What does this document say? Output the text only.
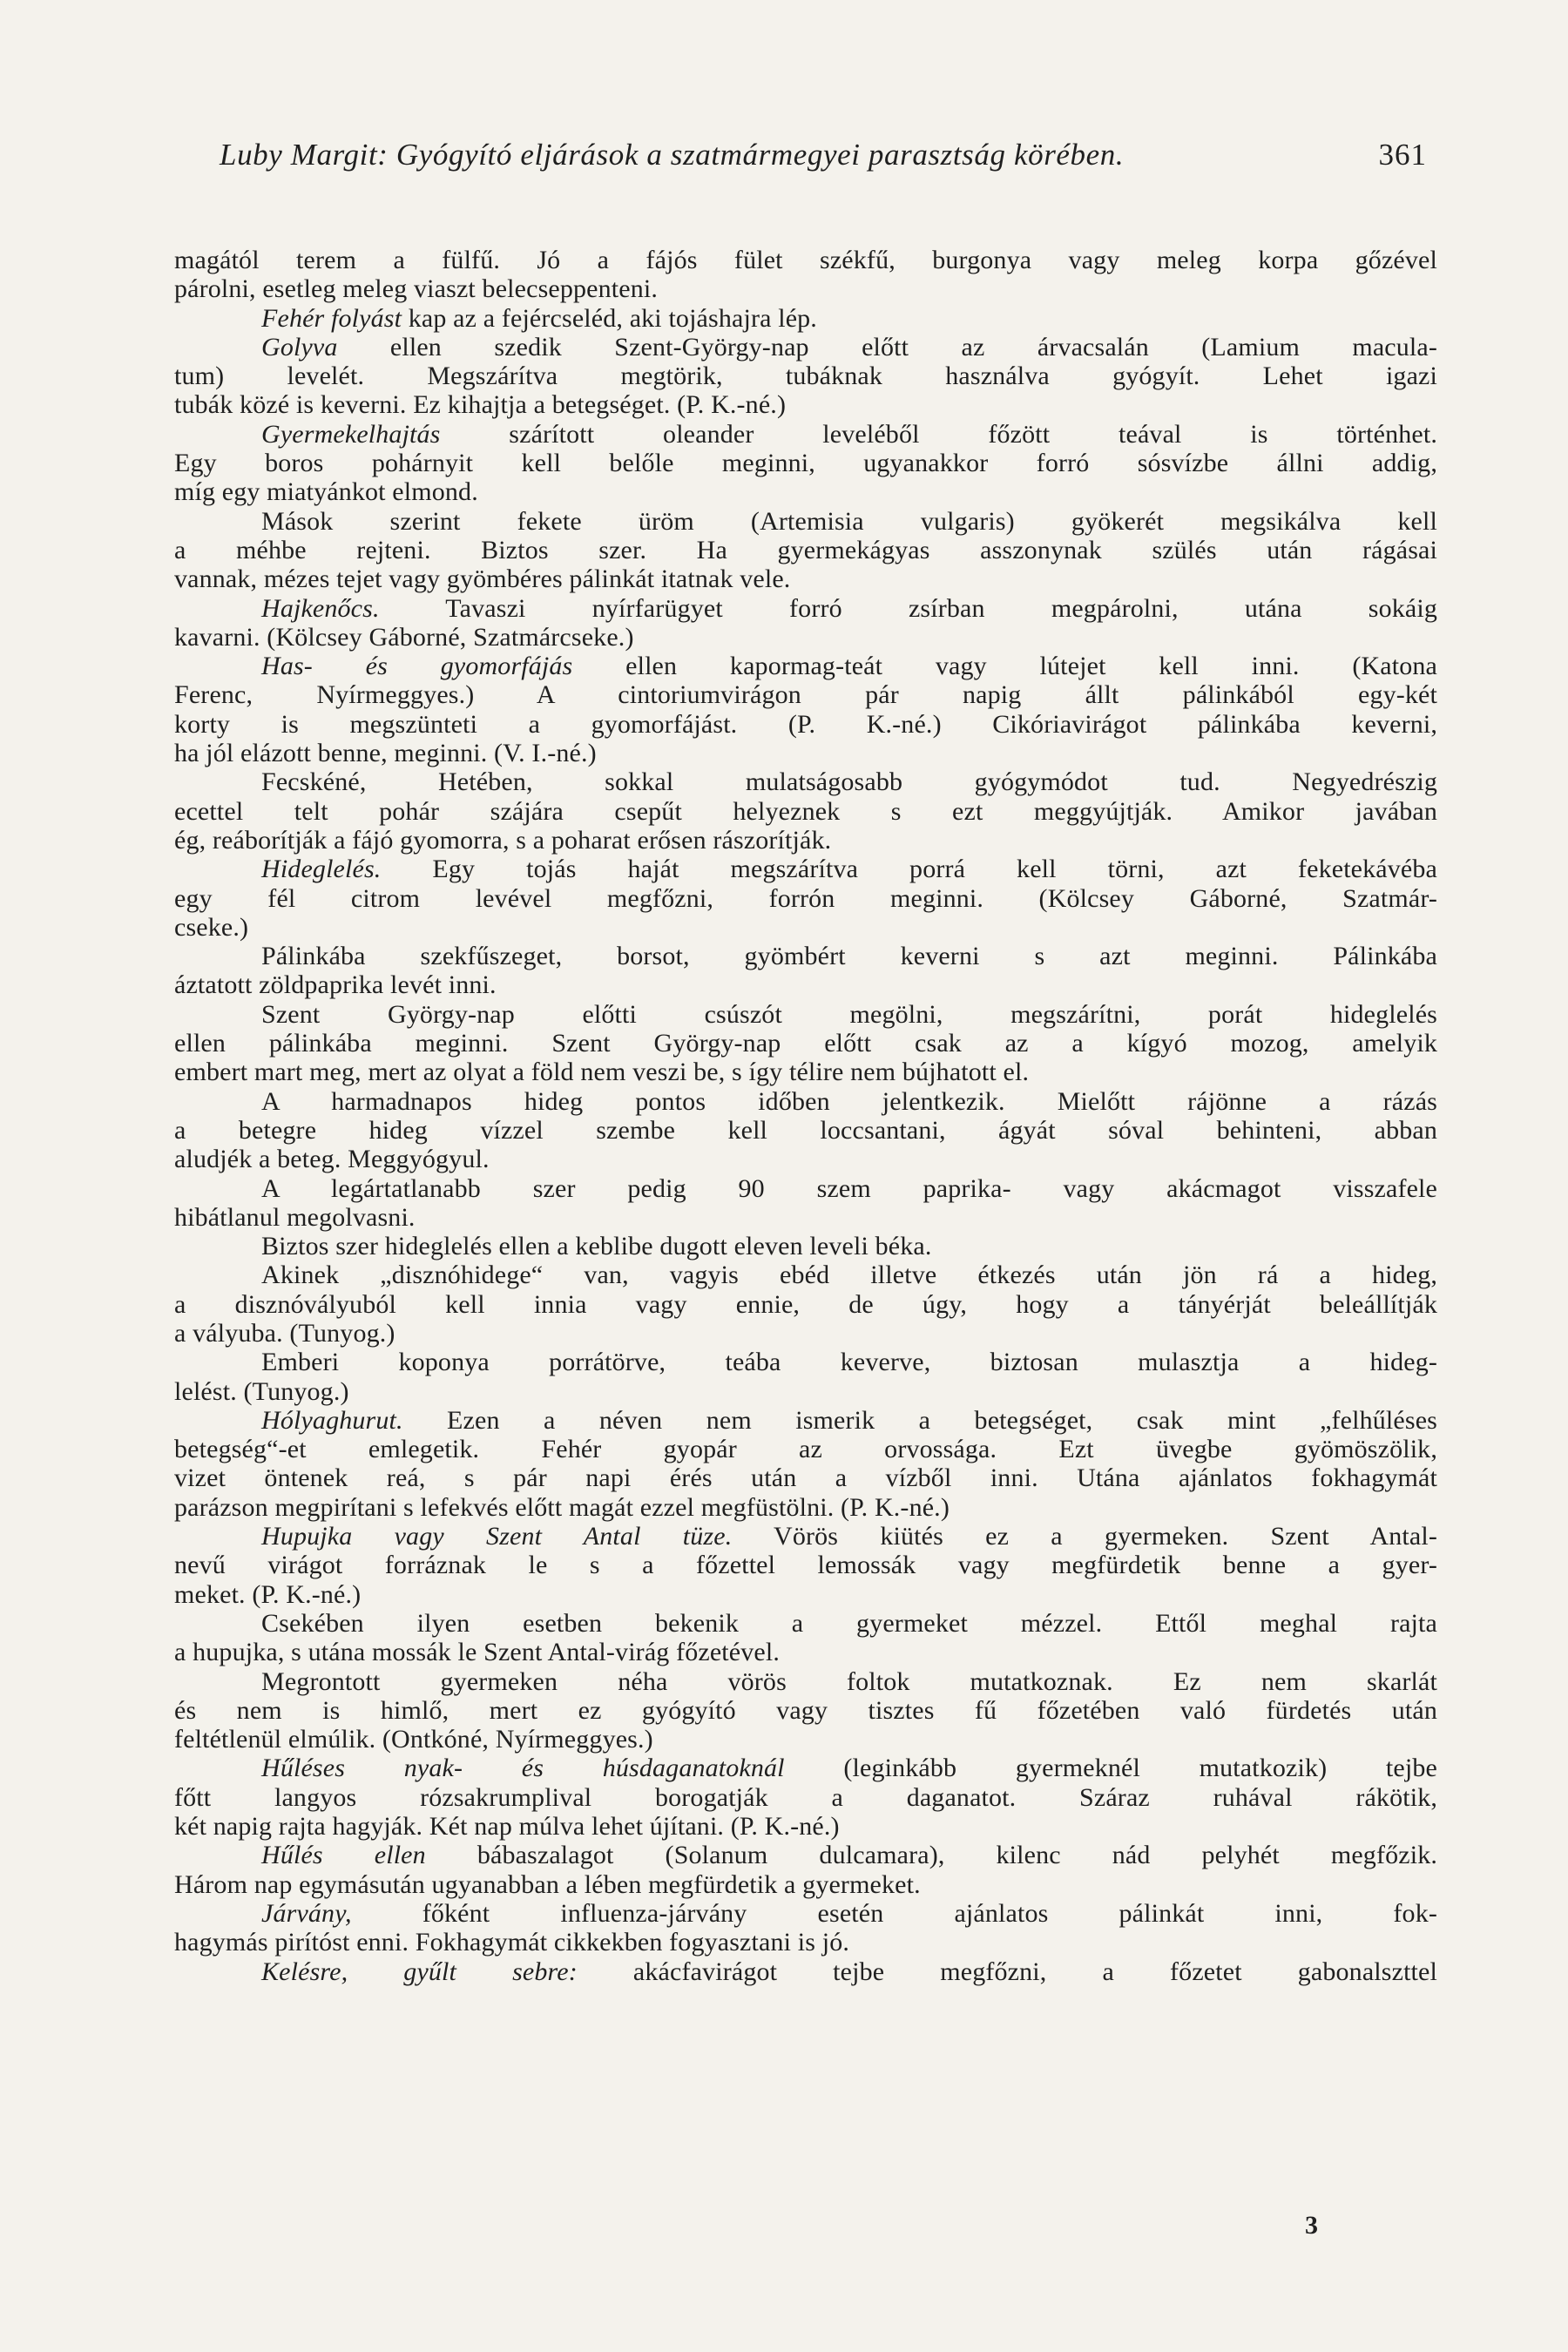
Luby Margit: Gyógyító eljárások a szatmármegyei parasztság körében.	361
magától terem a fülfű. Jó a fájós fület székfű, burgonya vagy meleg korpa gőzével
párolni, esetleg meleg viaszt belecseppenteni.
Fehér folyást kap az a fejércseléd, aki tojáshajra lép.
Golyva ellen szedik Szent-György-nap előtt az árvacsalán (Lamium macula-
tum) levelét. Megszárítva megtörik, tubáknak használva gyógyít. Lehet igazi
tubák közé is keverni. Ez kihajtja a betegséget. (P. K.-né.)
Gyermekelhajtás szárított oleander leveléből főzött teával is történhet.
Egy boros pohárnyit kell belőle meginni, ugyanakkor forró sósvízbe állni addig,
míg egy miatyánkot elmond.
Mások szerint fekete üröm (Artemisia vulgaris) gyökerét megsikálva kell
a méhbe rejteni. Biztos szer. Ha gyermekágyas asszonynak szülés után rágásai
vannak, mézes tejet vagy gyömbéres pálinkát itatnak vele.
Hajkenőcs. Tavaszi nyírfarügyet forró zsírban megpárolni, utána sokáig
kavarni. (Kölcsey Gáborné, Szatmárcseke.)
Has- és gyomorfájás ellen kapormag-teát vagy lútejet kell inni. (Katona
Ferenc, Nyírmeggyes.) A cintoriumvirágon pár napig állt pálinkából egy-két
korty is megszünteti a gyomorfájást. (P. K.-né.) Cikóriavirágot pálinkába keverni,
ha jól elázott benne, meginni. (V. I.-né.)
Fecskéné, Hetében, sokkal mulatságosabb gyógymódot tud. Negyedrészig
ecettel telt pohár szájára csepűt helyeznek s ezt meggyújtják. Amikor javában
ég, reáborítják a fájó gyomorra, s a poharat erősen rászorítják.
Hideglelés. Egy tojás haját megszárítva porrá kell törni, azt feketekávéba
egy fél citrom levével megfőzni, forrón meginni. (Kölcsey Gáborné, Szatmár-
cseke.)
Pálinkába szekfűszeget, borsot, gyömbért keverni s azt meginni. Pálinkába
áztatott zöldpaprika levét inni.
Szent György-nap előtti csúszót megölni, megszárítni, porát hideglelés
ellen pálinkába meginni. Szent György-nap előtt csak az a kígyó mozog, amelyik
embert mart meg, mert az olyat a föld nem veszi be, s így télire nem bújhatott el.
A harmadnapos hideg pontos időben jelentkezik. Mielőtt rájönne a rázás
a betegre hideg vízzel szembe kell loccsantani, ágyát sóval behinteni, abban
aludjék a beteg. Meggyógyul.
A legártatlanabb szer pedig 90 szem paprika- vagy akácmagot visszafele
hibátlanul megolvasni.
Biztos szer hideglelés ellen a keblibe dugott eleven leveli béka.
Akinek „disznóhidege“ van, vagyis ebéd illetve étkezés után jön rá a hideg,
a disznóvályuból kell innia vagy ennie, de úgy, hogy a tányérját beleállítják
a vályuba. (Tunyog.)
Emberi koponya porrátörve, teába keverve, biztosan mulasztja a hideg-
lelést. (Tunyog.)
Hólyaghurut. Ezen a néven nem ismerik a betegséget, csak mint „felhűléses
betegség“-et emlegetik. Fehér gyopár az orvossága. Ezt üvegbe gyömöszölik,
vizet öntenek reá, s pár napi érés után a vízből inni. Utána ajánlatos fokhagymát
parázson megpirítani s lefekvés előtt magát ezzel megfüstölni. (P. K.-né.)
Hupujka vagy Szent Antal tüze. Vörös kiütés ez a gyermeken. Szent Antal-
nevű virágot forráznak le s a főzettel lemossák vagy megfürdetik benne a gyer-
meket. (P. K.-né.)
Csekében ilyen esetben bekenik a gyermeket mézzel. Ettől meghal rajta
a hupujka, s utána mossák le Szent Antal-virág főzetével.
Megrontott gyermeken néha vörös foltok mutatkoznak. Ez nem skarlát
és nem is himlő, mert ez gyógyító vagy tisztes fű főzetében való fürdetés után
feltétlenül elmúlik. (Ontkóné, Nyírmeggyes.)
Hűléses nyak- és húsdaganatoknál (leginkább gyermeknél mutatkozik) tejbe
főtt langyos rózsakrumplival borogatják a daganatot. Száraz ruhával rákötik,
két napig rajta hagyják. Két nap múlva lehet újítani. (P. K.-né.)
Hűlés ellen bábaszalagot (Solanum dulcamara), kilenc nád pelyhét megfőzik.
Három nap egymásután ugyanabban a lében megfürdetik a gyermeket.
Járvány, főként influenza-járvány esetén ajánlatos pálinkát inni, fok-
hagymás pirítóst enni. Fokhagymát cikkekben fogyasztani is jó.
Kelésre, gyűlt sebre: akácfavirágot tejbe megfőzni, a főzetet gabonalszttel
3
